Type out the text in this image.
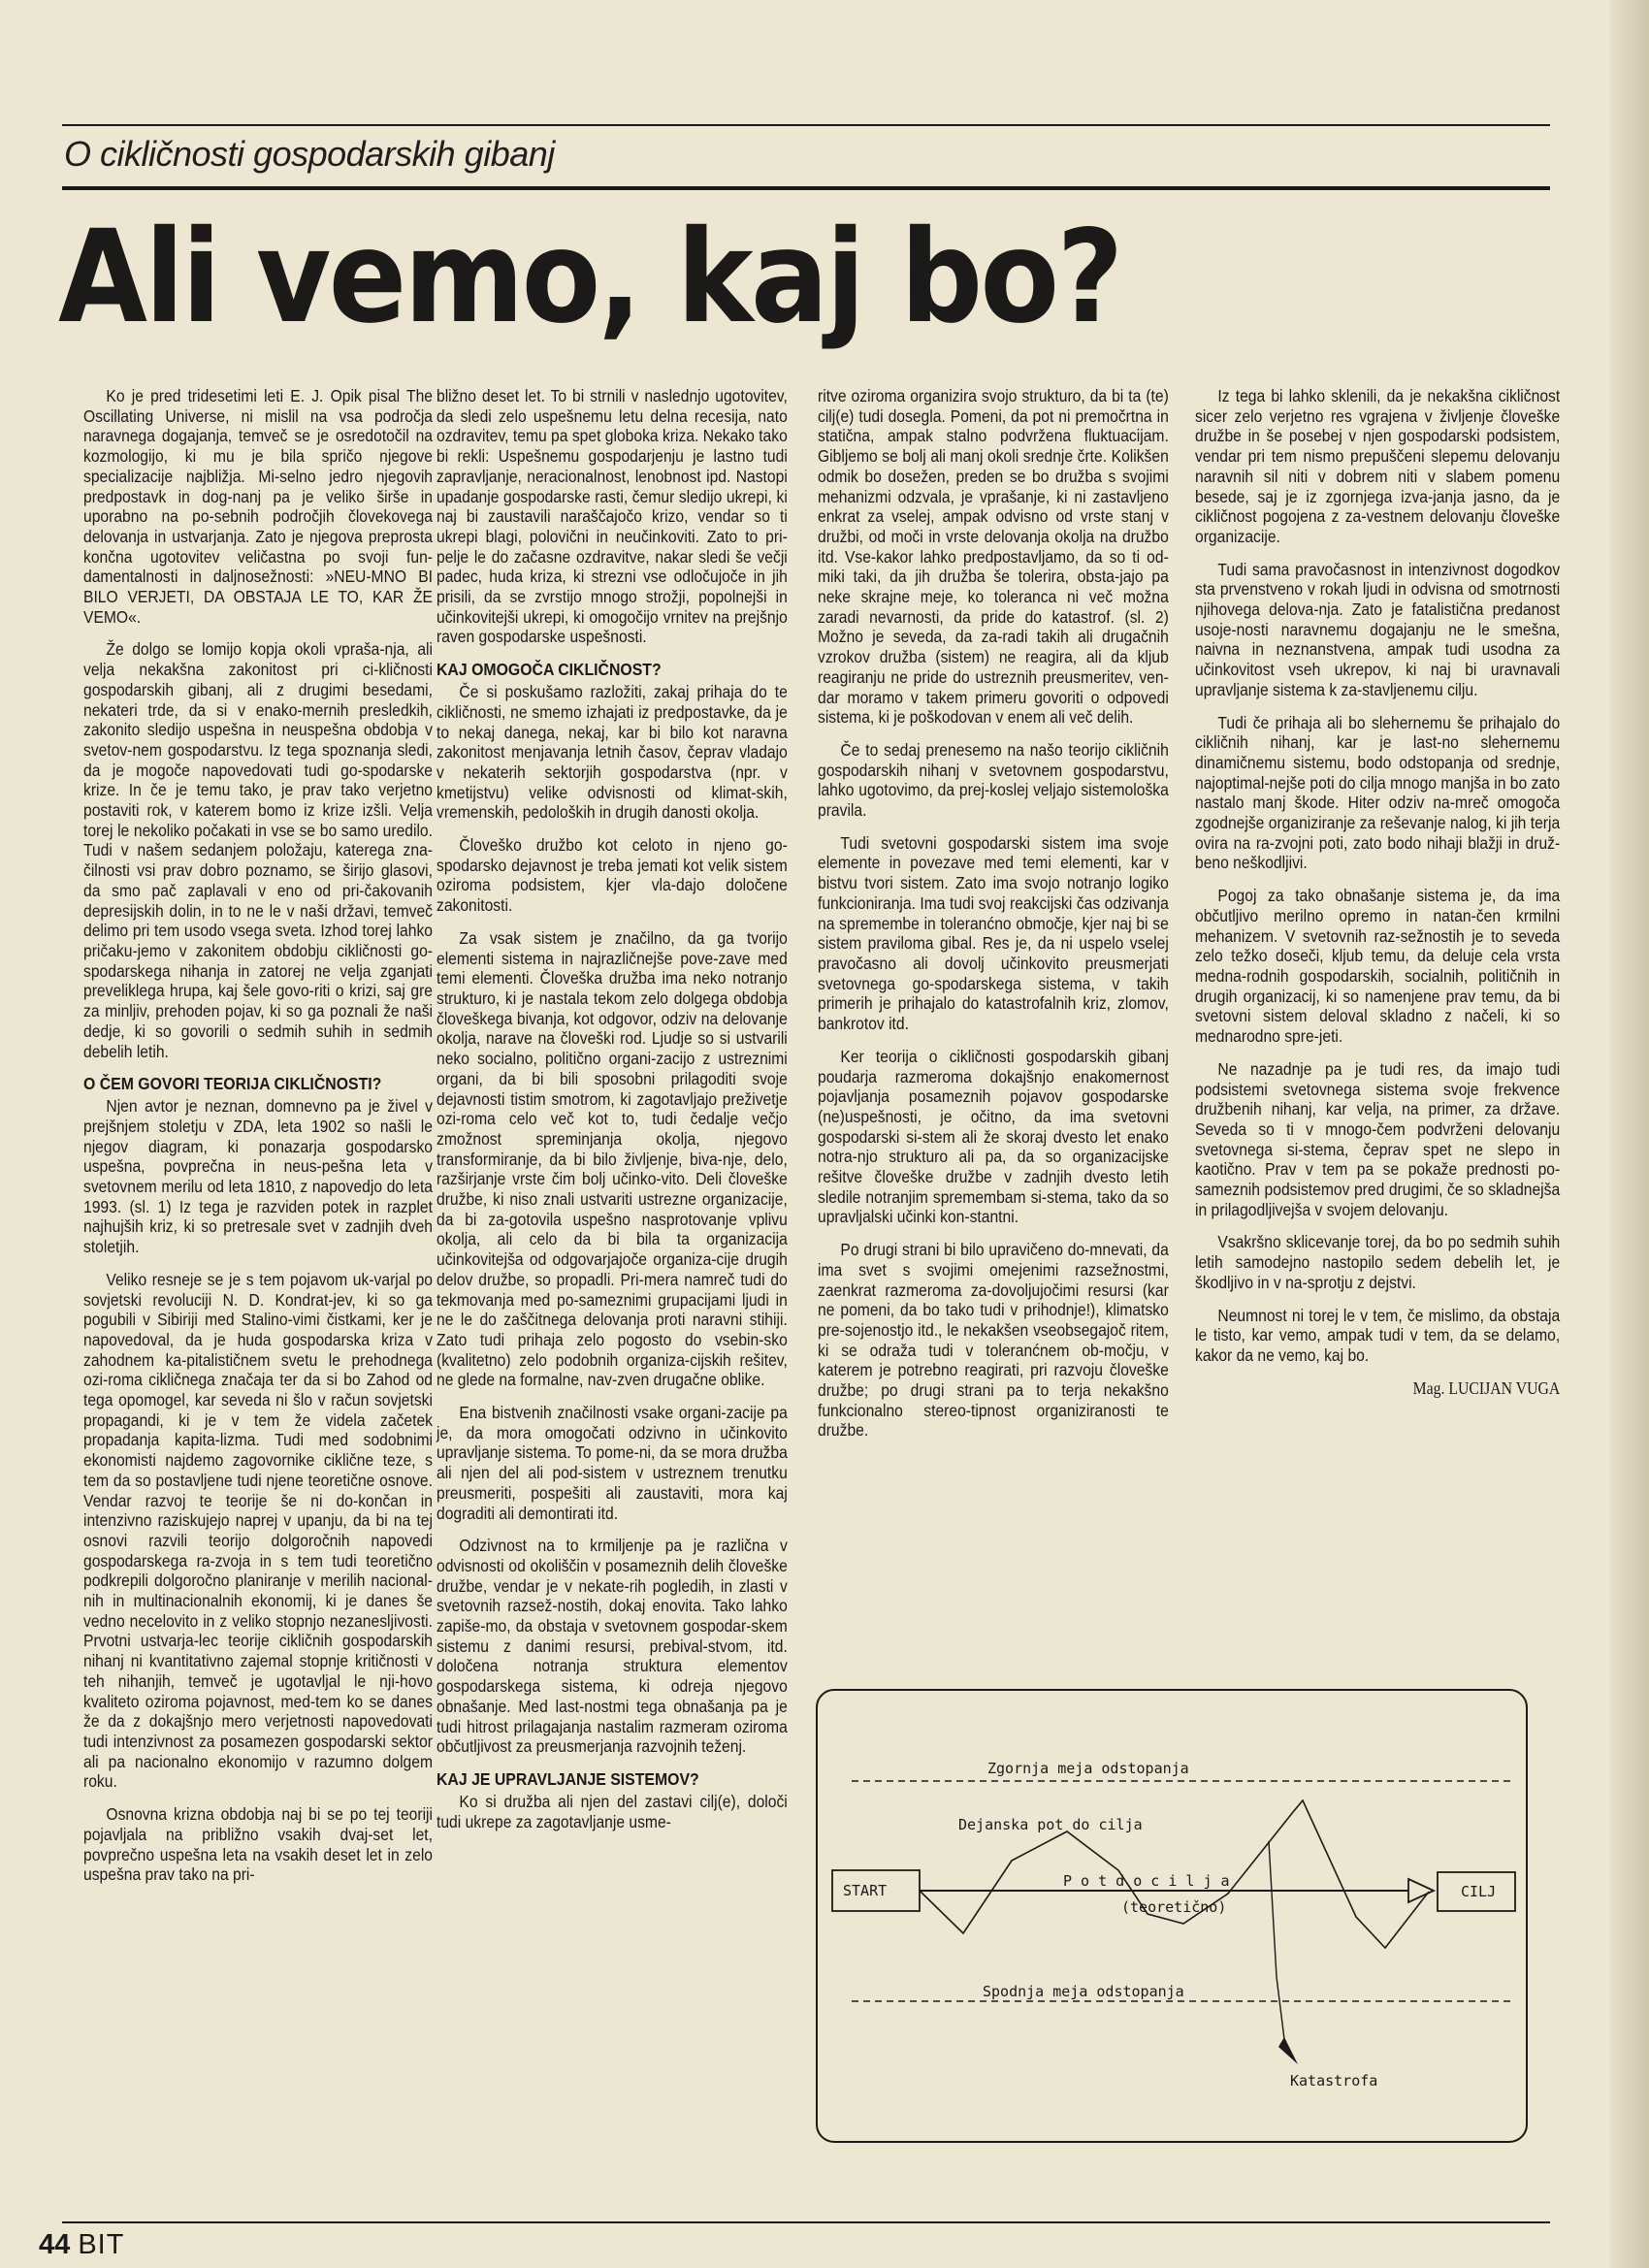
O cikličnosti gospodarskih gibanj
Ali vemo, kaj bo?

Ko je pred tridesetimi leti E. J. Opik pisal The Oscillating Universe, ni mislil na vsa področja naravnega dogajanja, temveč se je osredotočil na kozmologijo, ki mu je bila spričo njegove specializacije najbližja. Mi-selno jedro njegovih predpostavk in dog-nanj pa je veliko širše in uporabno na po-sebnih področjih človekovega delovanja in ustvarjanja. Zato je njegova preprosta končna ugotovitev veličastna po svoji fun-damentalnosti in daljnosežnosti: »NEU-MNO BI BILO VERJETI, DA OBSTAJA LE TO, KAR ŽE VEMO«.

Že dolgo se lomijo kopja okoli vpraša-nja, ali velja nekakšna zakonitost pri ci-kličnosti gospodarskih gibanj, ali z drugimi besedami, nekateri trde, da si v enako-mernih presledkih, zakonito sledijo uspešna in neuspešna obdobja v svetov-nem gospodarstvu. Iz tega spoznanja sledi, da je mogoče napovedovati tudi go-spodarske krize. In če je temu tako, je prav tako verjetno postaviti rok, v katerem bomo iz krize izšli. Velja torej le nekoliko počakati in vse se bo samo uredilo. Tudi v našem sedanjem položaju, katerega zna-čilnosti vsi prav dobro poznamo, se širijo glasovi, da smo pač zaplavali v eno od pri-čakovanih depresijskih dolin, in to ne le v naši državi, temveč delimo pri tem usodo vsega sveta. Izhod torej lahko pričaku-jemo v zakonitem obdobju cikličnosti go-spodarskega nihanja in zatorej ne velja zganjati preveliklega hrupa, kaj šele govo-riti o krizi, saj gre za minljiv, prehoden pojav, ki so ga poznali že naši dedje, ki so govorili o sedmih suhih in sedmih debelih letih.

O ČEM GOVORI TEORIJA CIKLIČNOSTI?

Njen avtor je neznan, domnevno pa je živel v prejšnjem stoletju v ZDA, leta 1902 so našli le njegov diagram, ki ponazarja gospodarsko uspešna, povprečna in neus-pešna leta v svetovnem merilu od leta 1810, z napovedjo do leta 1993. (sl. 1) Iz tega je razviden potek in razplet najhujših kriz, ki so pretresale svet v zadnjih dveh stoletjih.

Veliko resneje se je s tem pojavom uk-varjal po sovjetski revoluciji N. D. Kondrat-jev, ki so ga pogubili v Sibiriji med Stalino-vimi čistkami, ker je napovedoval, da je huda gospodarska kriza v zahodnem ka-pitalističnem svetu le prehodnega ozi-roma cikličnega značaja ter da si bo Zahod od tega opomogel, kar seveda ni šlo v račun sovjetski propagandi, ki je v tem že videla začetek propadanja kapita-lizma. Tudi med sodobnimi ekonomisti najdemo zagovornike ciklične teze, s tem da so postavljene tudi njene teoretične osnove. Vendar razvoj te teorije še ni do-končan in intenzivno raziskujejo naprej v upanju, da bi na tej osnovi razvili teorijo dolgoročnih napovedi gospodarskega ra-zvoja in s tem tudi teoretično podkrepili dolgoročno planiranje v merilih nacional-nih in multinacionalnih ekonomij, ki je danes še vedno necelovito in z veliko stopnjo nezanesljivosti. Prvotni ustvarja-lec teorije cikličnih gospodarskih nihanj ni kvantitativno zajemal stopnje kritičnosti v teh nihanjih, temveč je ugotavljal le nji-hovo kvaliteto oziroma pojavnost, med-tem ko se danes že da z dokajšnjo mero verjetnosti napovedovati tudi intenzivnost za posamezen gospodarski sektor ali pa nacionalno ekonomijo v razumno dolgem roku.

Osnovna krizna obdobja naj bi se po tej teoriji pojavljala na približno vsakih dvaj-set let, povprečno uspešna leta na vsakih deset let in zelo uspešna prav tako na pri-

bližno deset let. To bi strnili v naslednjo ugotovitev, da sledi zelo uspešnemu letu delna recesija, nato ozdravitev, temu pa spet globoka kriza. Nekako tako bi rekli: Uspešnemu gospodarjenju je lastno tudi zapravljanje, neracionalnost, lenobnost ipd. Nastopi upadanje gospodarske rasti, čemur sledijo ukrepi, ki naj bi zaustavili naraščajočo krizo, vendar so ti ukrepi blagi, polovični in neučinkoviti. Zato to pri-pelje le do začasne ozdravitve, nakar sledi še večji padec, huda kriza, ki strezni vse odločujoče in jih prisili, da se zvrstijo mnogo strožji, popolnejši in učinkovitejši ukrepi, ki omogočijo vrnitev na prejšnjo raven gospodarske uspešnosti.

KAJ OMOGOČA CIKLIČNOST?

Če si poskušamo razložiti, zakaj prihaja do te cikličnosti, ne smemo izhajati iz predpostavke, da je to nekaj danega, nekaj, kar bi bilo kot naravna zakonitost menjavanja letnih časov, čeprav vladajo v nekaterih sektorjih gospodarstva (npr. v kmetijstvu) velike odvisnosti od klimat-skih, vremenskih, pedoloških in drugih danosti okolja.

Človeško družbo kot celoto in njeno go-spodarsko dejavnost je treba jemati kot velik sistem oziroma podsistem, kjer vla-dajo določene zakonitosti.

Za vsak sistem je značilno, da ga tvorijo elementi sistema in najrazličnejše pove-zave med temi elementi. Človeška družba ima neko notranjo strukturo, ki je nastala tekom zelo dolgega obdobja človeškega bivanja, kot odgovor, odziv na delovanje okolja, narave na človeški rod. Ljudje so si ustvarili neko socialno, politično organi-zacijo z ustreznimi organi, da bi bili sposobni prilagoditi svoje dejavnosti tistim smotrom, ki zagotavljajo preživetje ozi-roma celo več kot to, tudi čedalje večjo zmožnost spreminjanja okolja, njegovo transformiranje, da bi bilo življenje, biva-nje, delo, razširjanje vrste čim bolj učinko-vito. Deli človeške družbe, ki niso znali ustvariti ustrezne organizacije, da bi za-gotovila uspešno nasprotovanje vplivu okolja, ali celo da bi bila ta organizacija učinkovitejša od odgovarjajoče organiza-cije drugih delov družbe, so propadli. Pri-mera namreč tudi do tekmovanja med po-sameznimi grupacijami ljudi in ne le do zaščitnega delovanja proti naravni stihiji. Zato tudi prihaja zelo pogosto do vsebin-sko (kvalitetno) zelo podobnih organiza-cijskih rešitev, ne glede na formalne, nav-zven drugačne oblike.

Ena bistvenih značilnosti vsake organi-zacije pa je, da mora omogočati odzivno in učinkovito upravljanje sistema. To pome-ni, da se mora družba ali njen del ali pod-sistem v ustreznem trenutku preusmeriti, pospešiti ali zaustaviti, mora kaj dograditi ali demontirati itd.

Odzivnost na to krmiljenje pa je različna v odvisnosti od okoliščin v posameznih delih človeške družbe, vendar je v nekate-rih pogledih, in zlasti v svetovnih razsež-nostih, dokaj enovita. Tako lahko zapiše-mo, da obstaja v svetovnem gospodar-skem sistemu z danimi resursi, prebival-stvom, itd. določena notranja struktura elementov gospodarskega sistema, ki odreja njegovo obnašanje. Med last-nostmi tega obnašanja pa je tudi hitrost prilagajanja nastalim razmeram oziroma občutljivost za preusmerjanja razvojnih teženj.

KAJ JE UPRAVLJANJE SISTEMOV?

Ko si družba ali njen del zastavi cilj(e), določi tudi ukrepe za zagotavljanje usme-

ritve oziroma organizira svojo strukturo, da bi ta (te) cilj(e) tudi dosegla. Pomeni, da pot ni premočrtna in statična, ampak stalno podvržena fluktuacijam. Gibljemo se bolj ali manj okoli srednje črte. Kolikšen odmik bo dosežen, preden se bo družba s svojimi mehanizmi odzvala, je vprašanje, ki ni zastavljeno enkrat za vselej, ampak odvisno od vrste stanj v družbi, od moči in vrste delovanja okolja na družbo itd. Vse-kakor lahko predpostavljamo, da so ti od-miki taki, da jih družba še tolerira, obsta-jajo pa neke skrajne meje, ko toleranca ni več možna zaradi nevarnosti, da pride do katastrof. (sl. 2) Možno je seveda, da za-radi takih ali drugačnih vzrokov družba (sistem) ne reagira, ali da kljub reagiranju ne pride do ustreznih preusmeritev, ven-dar moramo v takem primeru govoriti o odpovedi sistema, ki je poškodovan v enem ali več delih.

Če to sedaj prenesemo na našo teorijo cikličnih gospodarskih nihanj v svetovnem gospodarstvu, lahko ugotovimo, da prej-koslej veljajo sistemološka pravila.

Tudi svetovni gospodarski sistem ima svoje elemente in povezave med temi elementi, kar v bistvu tvori sistem. Zato ima svojo notranjo logiko funkcioniranja. Ima tudi svoj reakcijski čas odzivanja na spremembe in toleranćno območje, kjer naj bi se sistem praviloma gibal. Res je, da ni uspelo vselej pravočasno ali dovolj učinkovito preusmerjati svetovnega go-spodarskega sistema, v takih primerih je prihajalo do katastrofalnih kriz, zlomov, bankrotov itd.

Ker teorija o cikličnosti gospodarskih gibanj poudarja razmeroma dokajšnjo enakomernost pojavljanja posameznih pojavov gospodarske (ne)uspešnosti, je očitno, da ima svetovni gospodarski si-stem ali že skoraj dvesto let enako notra-njo strukturo ali pa, da so organizacijske rešitve človeške družbe v zadnjih dvesto letih sledile notranjim spremembam si-stema, tako da so upravljalski učinki kon-stantni.

Po drugi strani bi bilo upravičeno do-mnevati, da ima svet s svojimi omejenimi razsežnostmi, zaenkrat razmeroma za-dovoljujočimi resursi (kar ne pomeni, da bo tako tudi v prihodnje!), klimatsko pre-sojenostjo itd., le nekakšen vseobsegajoč ritem, ki se odraža tudi v toleranćnem ob-močju, v katerem je potrebno reagirati, pri razvoju človeške družbe; po drugi strani pa to terja nekakšno funkcionalno stereo-tipnost organiziranosti te družbe.

Iz tega bi lahko sklenili, da je nekakšna cikličnost sicer zelo verjetno res vgrajena v življenje človeške družbe in še posebej v njen gospodarski podsistem, vendar pri tem nismo prepuščeni slepemu delovanju naravnih sil niti v dobrem niti v slabem pomenu besede, saj je iz zgornjega izva-janja jasno, da je cikličnost pogojena z za-vestnem delovanju človeške organizacije.

Tudi sama pravočasnost in intenzivnost dogodkov sta prvenstveno v rokah ljudi in odvisna od smotrnosti njihovega delova-nja. Zato je fatalistična predanost usoje-nosti naravnemu dogajanju ne le smešna, naivna in neznanstvena, ampak tudi usodna za učinkovitost vseh ukrepov, ki naj bi uravnavali upravljanje sistema k za-stavljenemu cilju.

Tudi če prihaja ali bo slehernemu še prihajalo do cikličnih nihanj, kar je last-no slehernemu dinamičnemu sistemu, bodo odstopanja od srednje, najoptimal-nejše poti do cilja mnogo manjša in bo zato nastalo manj škode. Hiter odziv na-mreč omogoča zgodnejše organiziranje za reševanje nalog, ki jih terja ovira na ra-zvojni poti, zato bodo nihaji blažji in druž-beno neškodljivi.

Pogoj za tako obnašanje sistema je, da ima občutljivo merilno opremo in natan-čen krmilni mehanizem. V svetovnih raz-sežnostih je to seveda zelo težko doseči, kljub temu, da deluje cela vrsta medna-rodnih gospodarskih, socialnih, političnih in drugih organizacij, ki so namenjene prav temu, da bi svetovni sistem deloval skladno z načeli, ki so mednarodno spre-jeti.

Ne nazadnje pa je tudi res, da imajo tudi podsistemi svetovnega sistema svoje frekvence družbenih nihanj, kar velja, na primer, za države. Seveda so ti v mnogo-čem podvrženi delovanju svetovnega si-stema, čeprav spet ne slepo in kaotično. Prav v tem pa se pokaže prednosti po-sameznih podsistemov pred drugimi, če so skladnejša in prilagodljivejša v svojem delovanju.

Vsakršno sklicevanje torej, da bo po sedmih suhih letih samodejno nastopilo sedem debelih let, je škodljivo in v na-sprotju z dejstvi.

Neumnost ni torej le v tem, če mislimo, da obstaja le tisto, kar vemo, ampak tudi v tem, da se delamo, kakor da ne vemo, kaj bo.

Mag. LUCIJAN VUGA
Zgornja meja odstopanja
Spodnja meja odstopanja
START	CILJ
P o t d o c i l j a
(teoretično)
Dejanska pot do cilja
Katastrofa
44 BIT
